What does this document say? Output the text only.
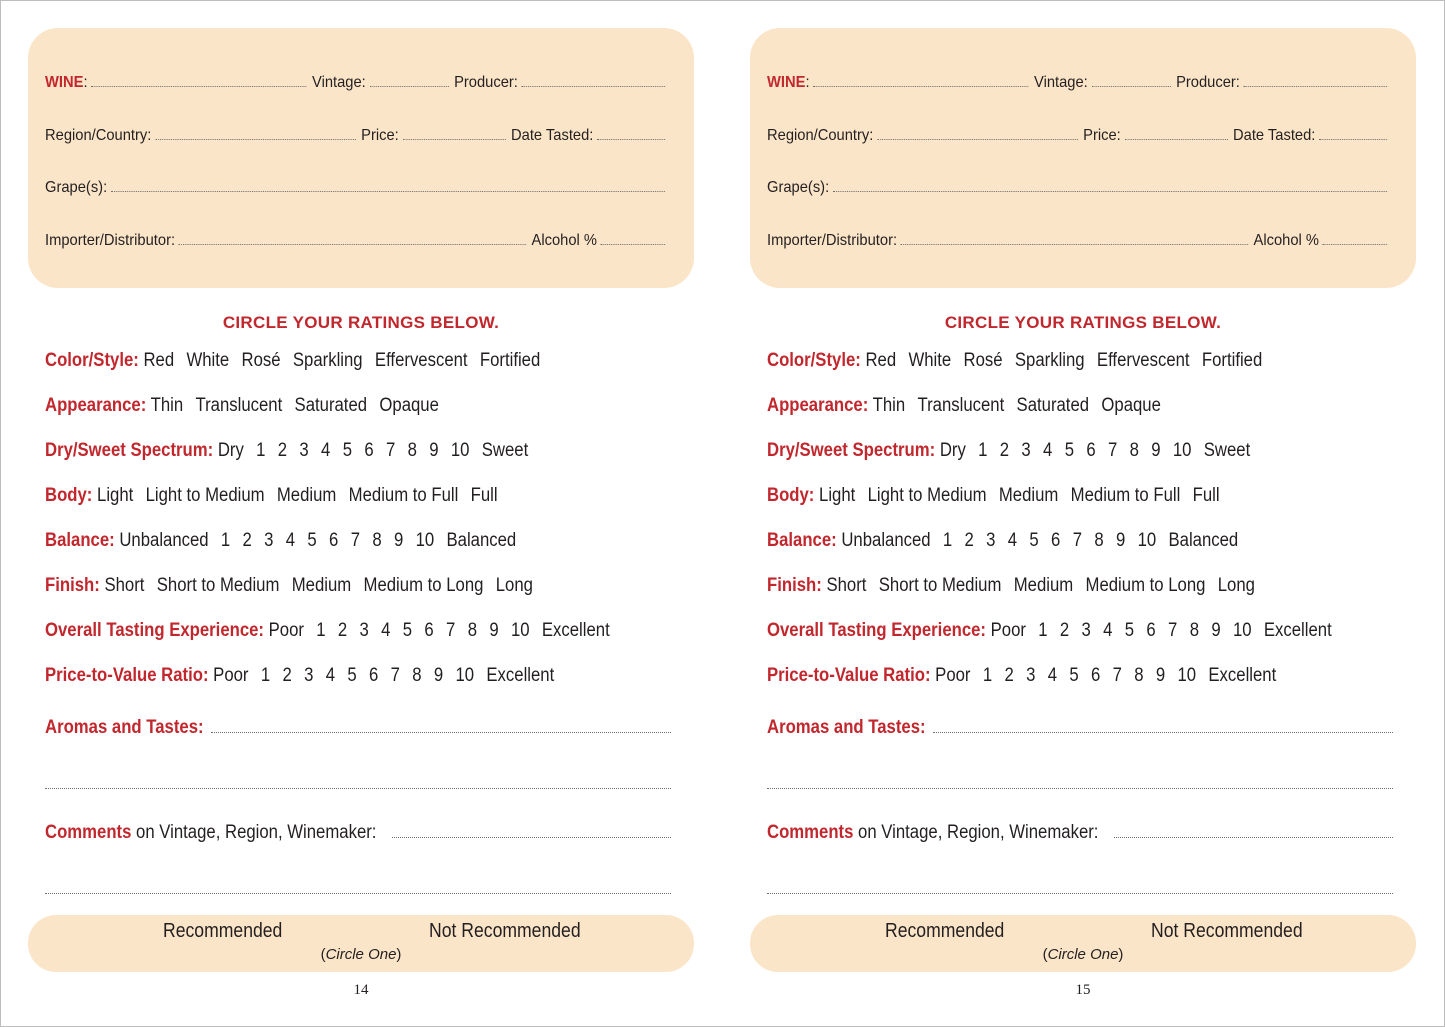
WINE :	Vintage:	Producer:
Region/Country:	Price:	Date Tasted:
Grape(s):
Importer/Distributor:	Alcohol %
CIRCLE YOUR RATINGS BELOW.
Color/Style: Red White Rosé Sparkling Effervescent Fortified
Appearance: Thin Translucent Saturated Opaque
Dry/Sweet Spectrum: Dry 1 2 3 4 5 6 7 8 9 10 Sweet
Body: Light Light to Medium Medium Medium to Full Full
Balance: Unbalanced 1 2 3 4 5 6 7 8 9 10 Balanced
Finish: Short Short to Medium Medium Medium to Long Long
Overall Tasting Experience: Poor 1 2 3 4 5 6 7 8 9 10 Excellent
Price-to-Value Ratio: Poor 1 2 3 4 5 6 7 8 9 10 Excellent
Aromas and Tastes:
Comments on Vintage, Region, Winemaker:
Recommended	Not Recommended
(Circle One)
14
WINE :	Vintage:	Producer:
Region/Country:	Price:	Date Tasted:
Grape(s):
Importer/Distributor:	Alcohol %
CIRCLE YOUR RATINGS BELOW.
Color/Style: Red White Rosé Sparkling Effervescent Fortified
Appearance: Thin Translucent Saturated Opaque
Dry/Sweet Spectrum: Dry 1 2 3 4 5 6 7 8 9 10 Sweet
Body: Light Light to Medium Medium Medium to Full Full
Balance: Unbalanced 1 2 3 4 5 6 7 8 9 10 Balanced
Finish: Short Short to Medium Medium Medium to Long Long
Overall Tasting Experience: Poor 1 2 3 4 5 6 7 8 9 10 Excellent
Price-to-Value Ratio: Poor 1 2 3 4 5 6 7 8 9 10 Excellent
Aromas and Tastes:
Comments on Vintage, Region, Winemaker:
Recommended	Not Recommended
(Circle One)
15
